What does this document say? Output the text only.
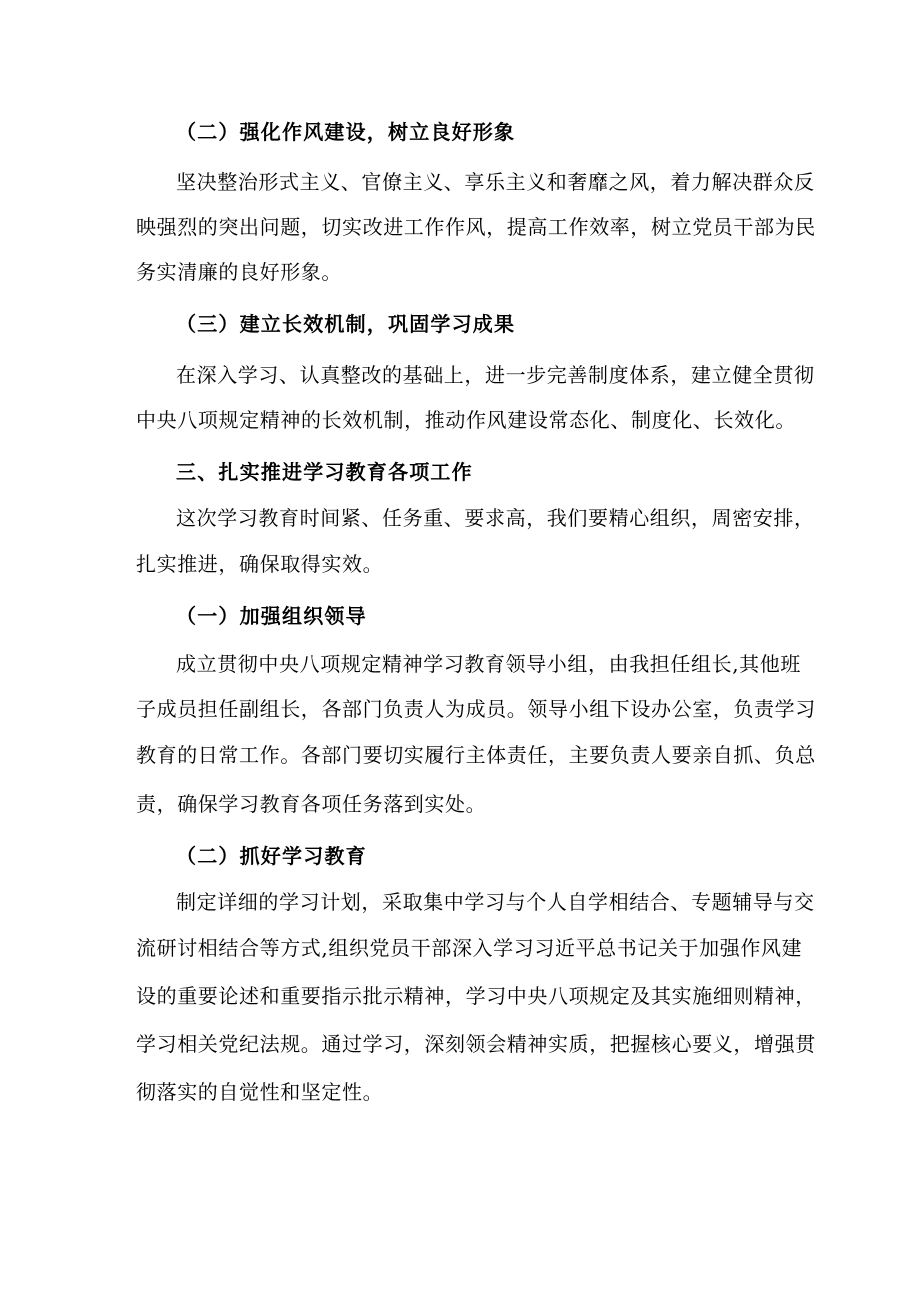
（二）强化作风建设，树立良好形象
坚决整治形式主义、官僚主义、享乐主义和奢靡之风，着力解决群众反
映强烈的突出问题，切实改进工作作风，提高工作效率，树立党员干部为民
务实清廉的良好形象。
（三）建立长效机制，巩固学习成果
在深入学习、认真整改的基础上，进一步完善制度体系，建立健全贯彻
中央八项规定精神的长效机制，推动作风建设常态化、制度化、长效化。
三、扎实推进学习教育各项工作
这次学习教育时间紧、任务重、要求高，我们要精心组织，周密安排，
扎实推进，确保取得实效。
（一）加强组织领导
成立贯彻中央八项规定精神学习教育领导小组，由我担任组长,其他班
子成员担任副组长，各部门负责人为成员。领导小组下设办公室，负责学习
教育的日常工作。各部门要切实履行主体责任，主要负责人要亲自抓、负总
责，确保学习教育各项任务落到实处。
（二）抓好学习教育
制定详细的学习计划，采取集中学习与个人自学相结合、专题辅导与交
流研讨相结合等方式,组织党员干部深入学习习近平总书记关于加强作风建
设的重要论述和重要指示批示精神，学习中央八项规定及其实施细则精神，
学习相关党纪法规。通过学习，深刻领会精神实质，把握核心要义，增强贯
彻落实的自觉性和坚定性。
